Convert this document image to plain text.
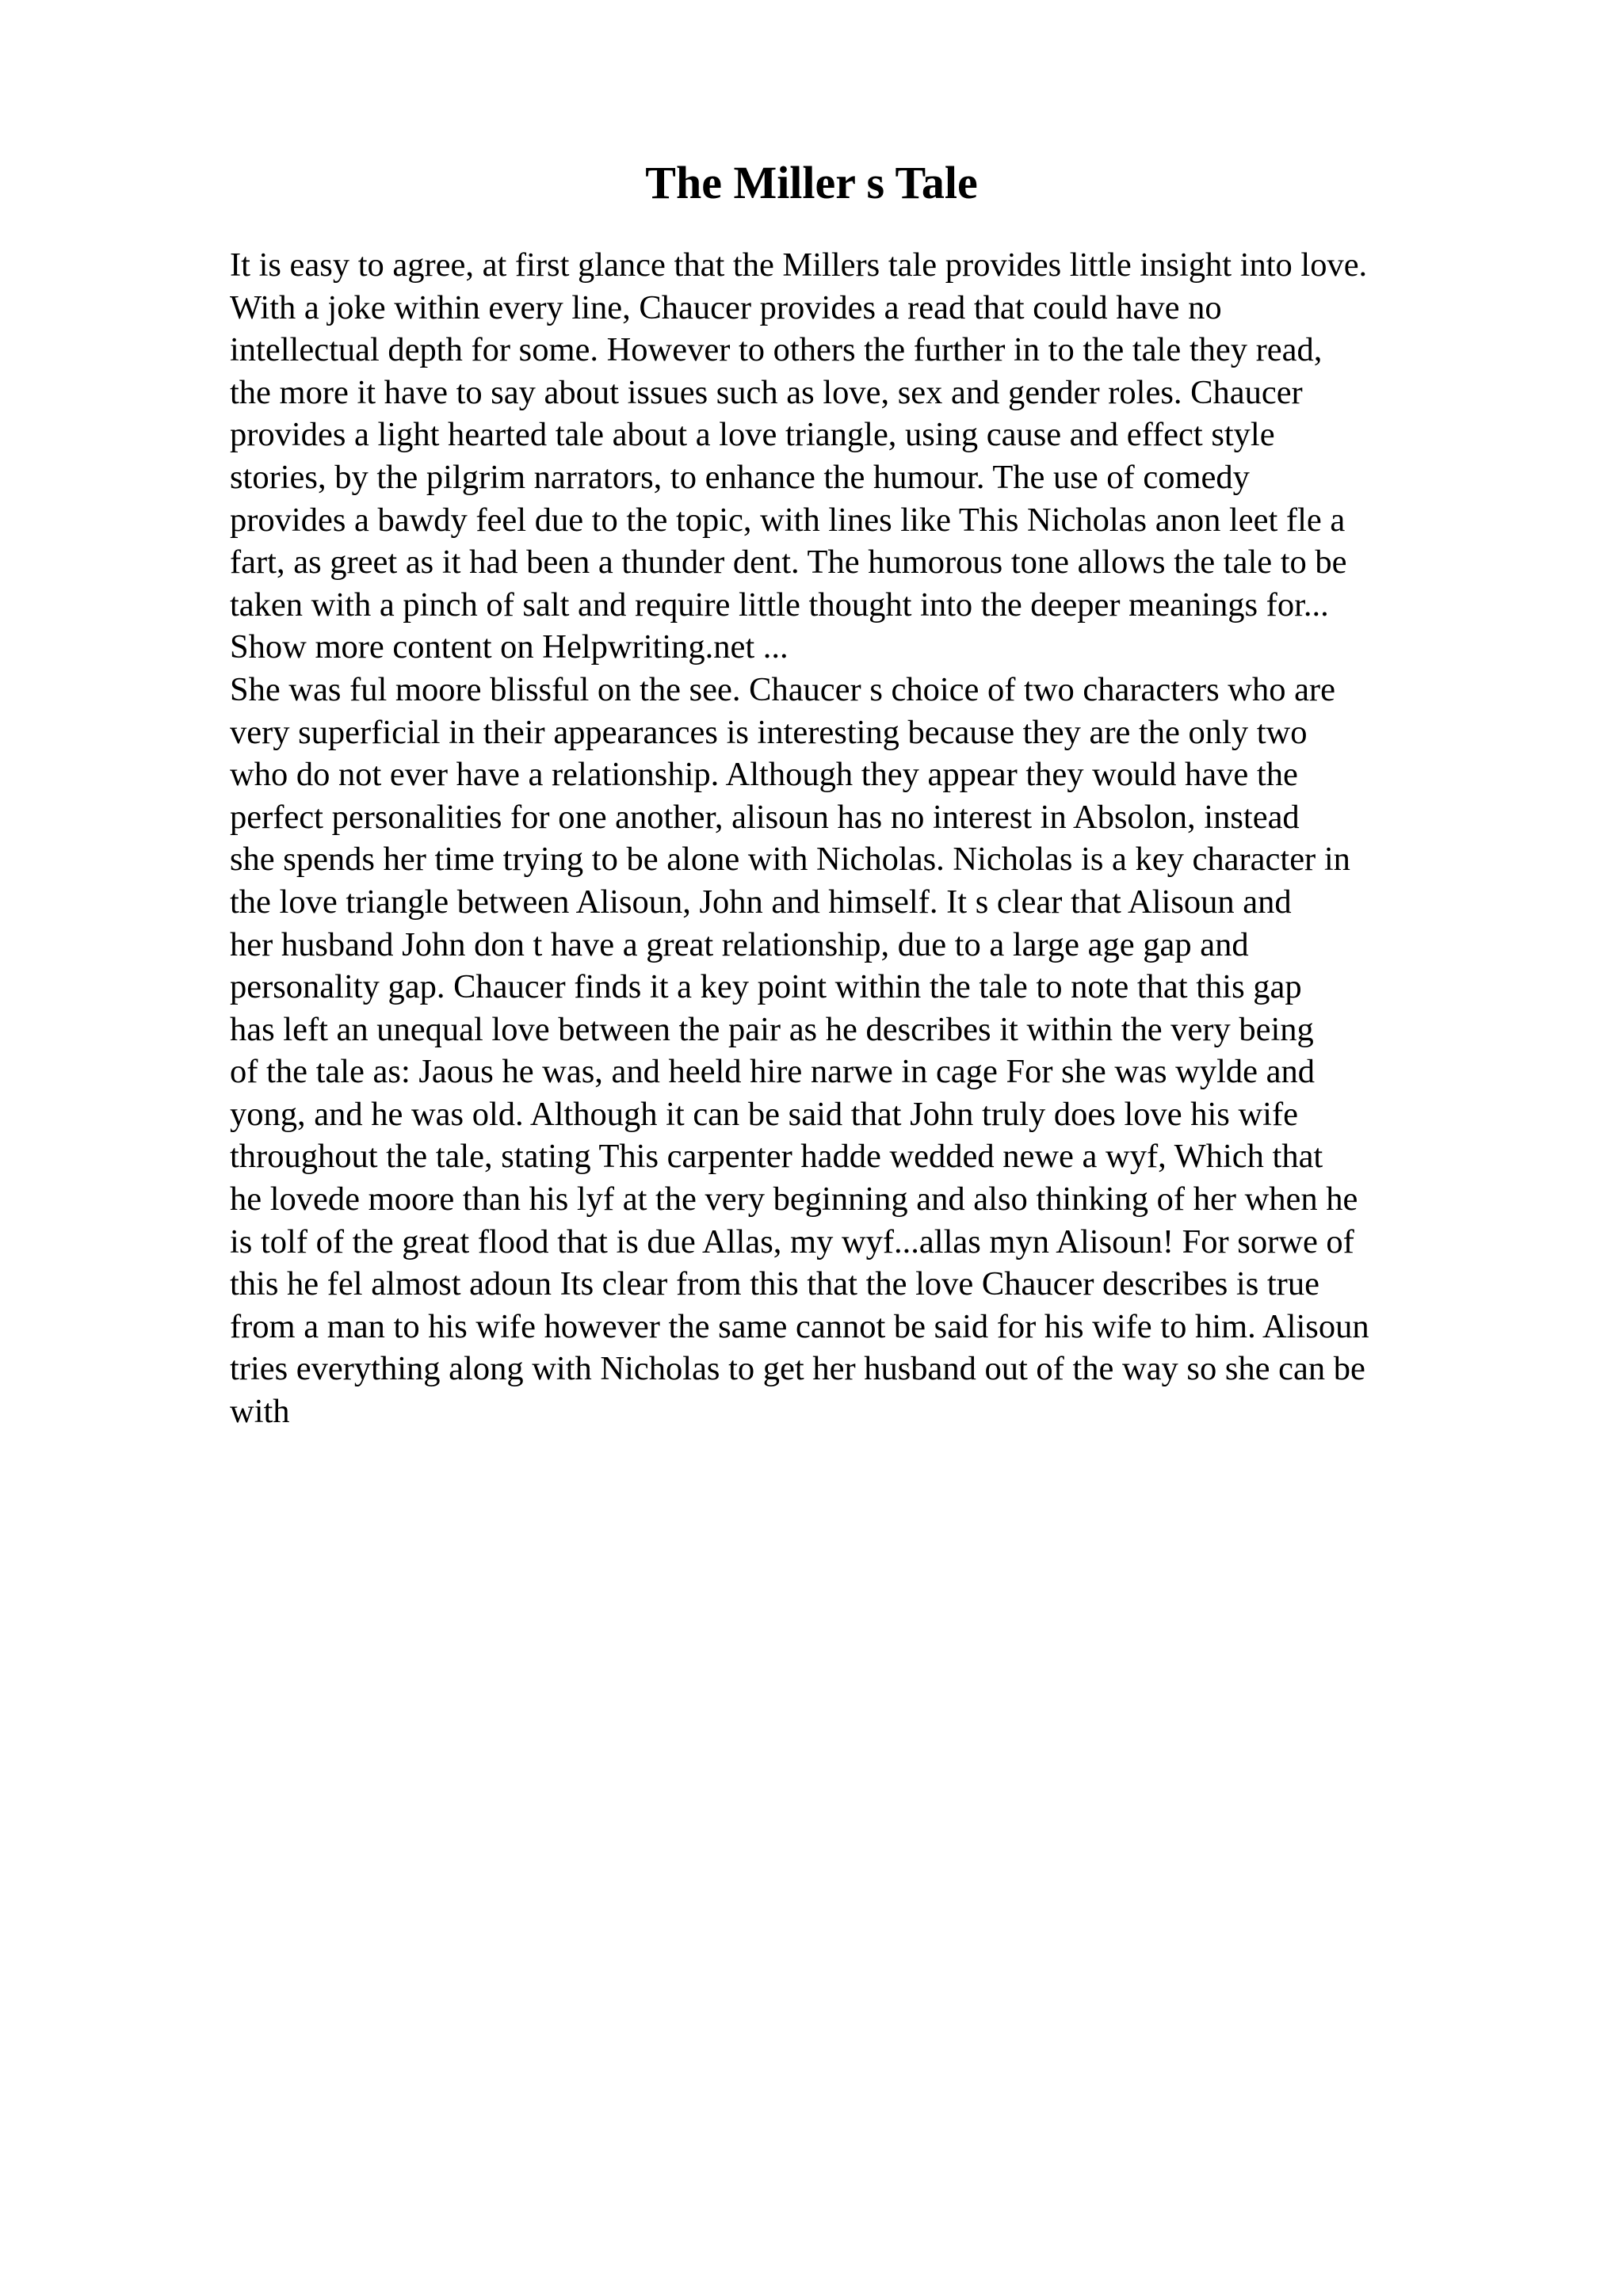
The Miller s Tale
It is easy to agree, at first glance that the Millers tale provides little insight into love.
With a joke within every line, Chaucer provides a read that could have no
intellectual depth for some. However to others the further in to the tale they read,
the more it have to say about issues such as love, sex and gender roles. Chaucer
provides a light hearted tale about a love triangle, using cause and effect style
stories, by the pilgrim narrators, to enhance the humour. The use of comedy
provides a bawdy feel due to the topic, with lines like This Nicholas anon leet fle a
fart, as greet as it had been a thunder dent. The humorous tone allows the tale to be
taken with a pinch of salt and require little thought into the deeper meanings for...
Show more content on Helpwriting.net ...
She was ful moore blissful on the see. Chaucer s choice of two characters who are
very superficial in their appearances is interesting because they are the only two
who do not ever have a relationship. Although they appear they would have the
perfect personalities for one another, alisoun has no interest in Absolon, instead
she spends her time trying to be alone with Nicholas. Nicholas is a key character in
the love triangle between Alisoun, John and himself. It s clear that Alisoun and
her husband John don t have a great relationship, due to a large age gap and
personality gap. Chaucer finds it a key point within the tale to note that this gap
has left an unequal love between the pair as he describes it within the very being
of the tale as: Jaous he was, and heeld hire narwe in cage For she was wylde and
yong, and he was old. Although it can be said that John truly does love his wife
throughout the tale, stating This carpenter hadde wedded newe a wyf, Which that
he lovede moore than his lyf at the very beginning and also thinking of her when he
is tolf of the great flood that is due Allas, my wyf...allas myn Alisoun! For sorwe of
this he fel almost adoun Its clear from this that the love Chaucer describes is true
from a man to his wife however the same cannot be said for his wife to him. Alisoun
tries everything along with Nicholas to get her husband out of the way so she can be
with
